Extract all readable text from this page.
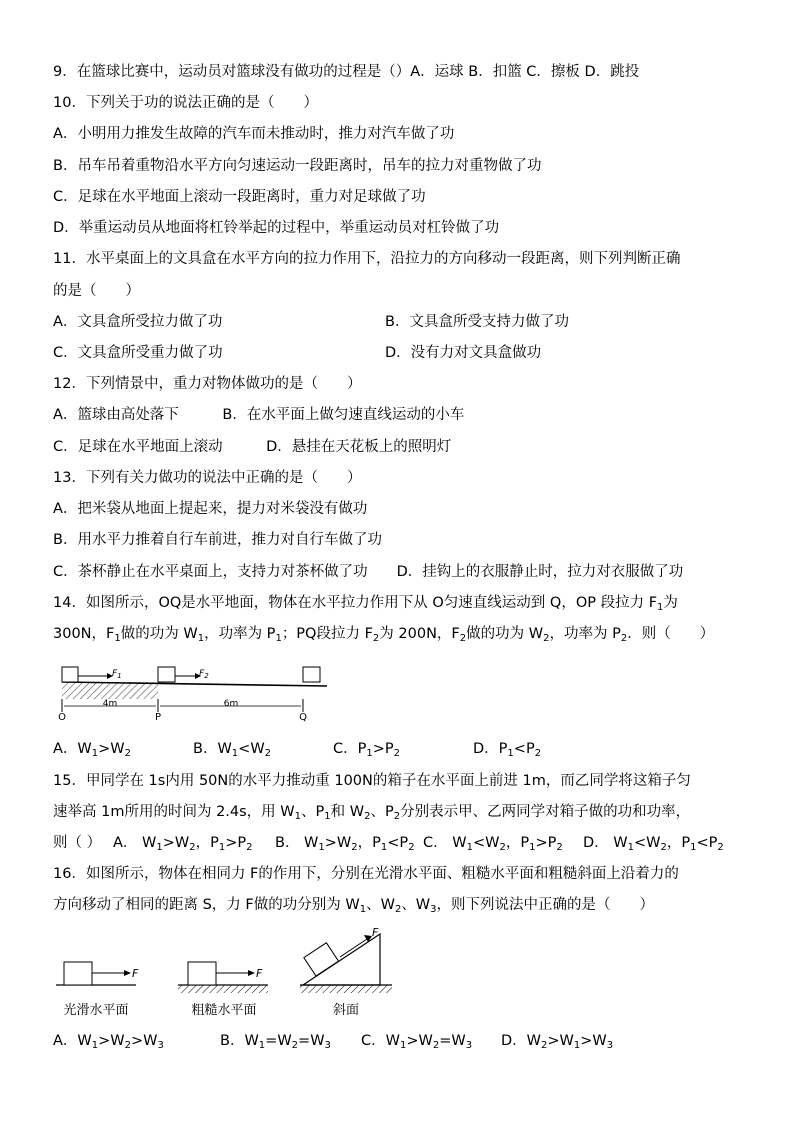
9．在篮球比赛中，运动员对篮球没有做功的过程是（）A．运球 B．扣篮 C．擦板 D．跳投
10．下列关于功的说法正确的是（　　）
A．小明用力推发生故障的汽车而未推动时，推力对汽车做了功
B．吊车吊着重物沿水平方向匀速运动一段距离时，吊车的拉力对重物做了功
C．足球在水平地面上滚动一段距离时，重力对足球做了功
D．举重运动员从地面将杠铃举起的过程中，举重运动员对杠铃做了功
11．水平桌面上的文具盒在水平方向的拉力作用下，沿拉力的方向移动一段距离，则下列判断正确
的是（　　）
A．文具盒所受拉力做了功	B．文具盒所受支持力做了功
C．文具盒所受重力做了功	D．没有力对文具盒做功
12．下列情景中，重力对物体做功的是（　　）
A．篮球由高处落下　　　B．在水平面上做匀速直线运动的小车
C．足球在水平地面上滚动　　　D．悬挂在天花板上的照明灯
13．下列有关力做功的说法中正确的是（　　）
A．把米袋从地面上提起来，提力对米袋没有做功
B．用水平力推着自行车前进，推力对自行车做了功
C．茶杯静止在水平桌面上，支持力对茶杯做了功　　D．挂钩上的衣服静止时，拉力对衣服做了功
14．如图所示，OQ是水平地面，物体在水平拉力作用下从 O匀速直线运动到 Q，OP 段拉力 $F_1$为
300N，$F_1$做的功为 $W_1$，功率为 $P_1$；PQ段拉力 $F_2$为 200N，$F_2$做的功为 $W_2$，功率为 $P_2$．则（　　）
$F_1$	$F_2$
4m	6m
O	P	Q
A．$W_1>W_2$	B．$W_1<W_2$	C．$P_1>P_2$	D．$P_1<P_2$
15．甲同学在 1s内用 50N的水平力推动重 100N的箱子在水平面上前进 1m，而乙同学将这箱子匀
速举高 1m所用的时间为 2.4s，用 $W_1$、$P_1$和 $W_2$、$P_2$分别表示甲、乙两同学对箱子做的功和功率，
则（ ） A． $W_1>W_2$，$P_1>P_2$ B． $W_1>W_2$，$P_1<P_2$ C． $W_1<W_2$，$P_1>P_2$ D． $W_1<W_2$，$P_1<P_2$
16．如图所示，物体在相同力 F的作用下，分别在光滑水平面、粗糙水平面和粗糙斜面上沿着力的
方向移动了相同的距离 S，力 F做的功分别为 $W_1$、$W_2$、$W_3$，则下列说法中正确的是（　　）
F
光滑水平面
F
粗糙水平面
F
斜面
A．$W_1>W_2>W_3$	B．$W_1=W_2=W_3$ C．$W_1>W_2=W_3$ D．$W_2>W_1>W_3$
